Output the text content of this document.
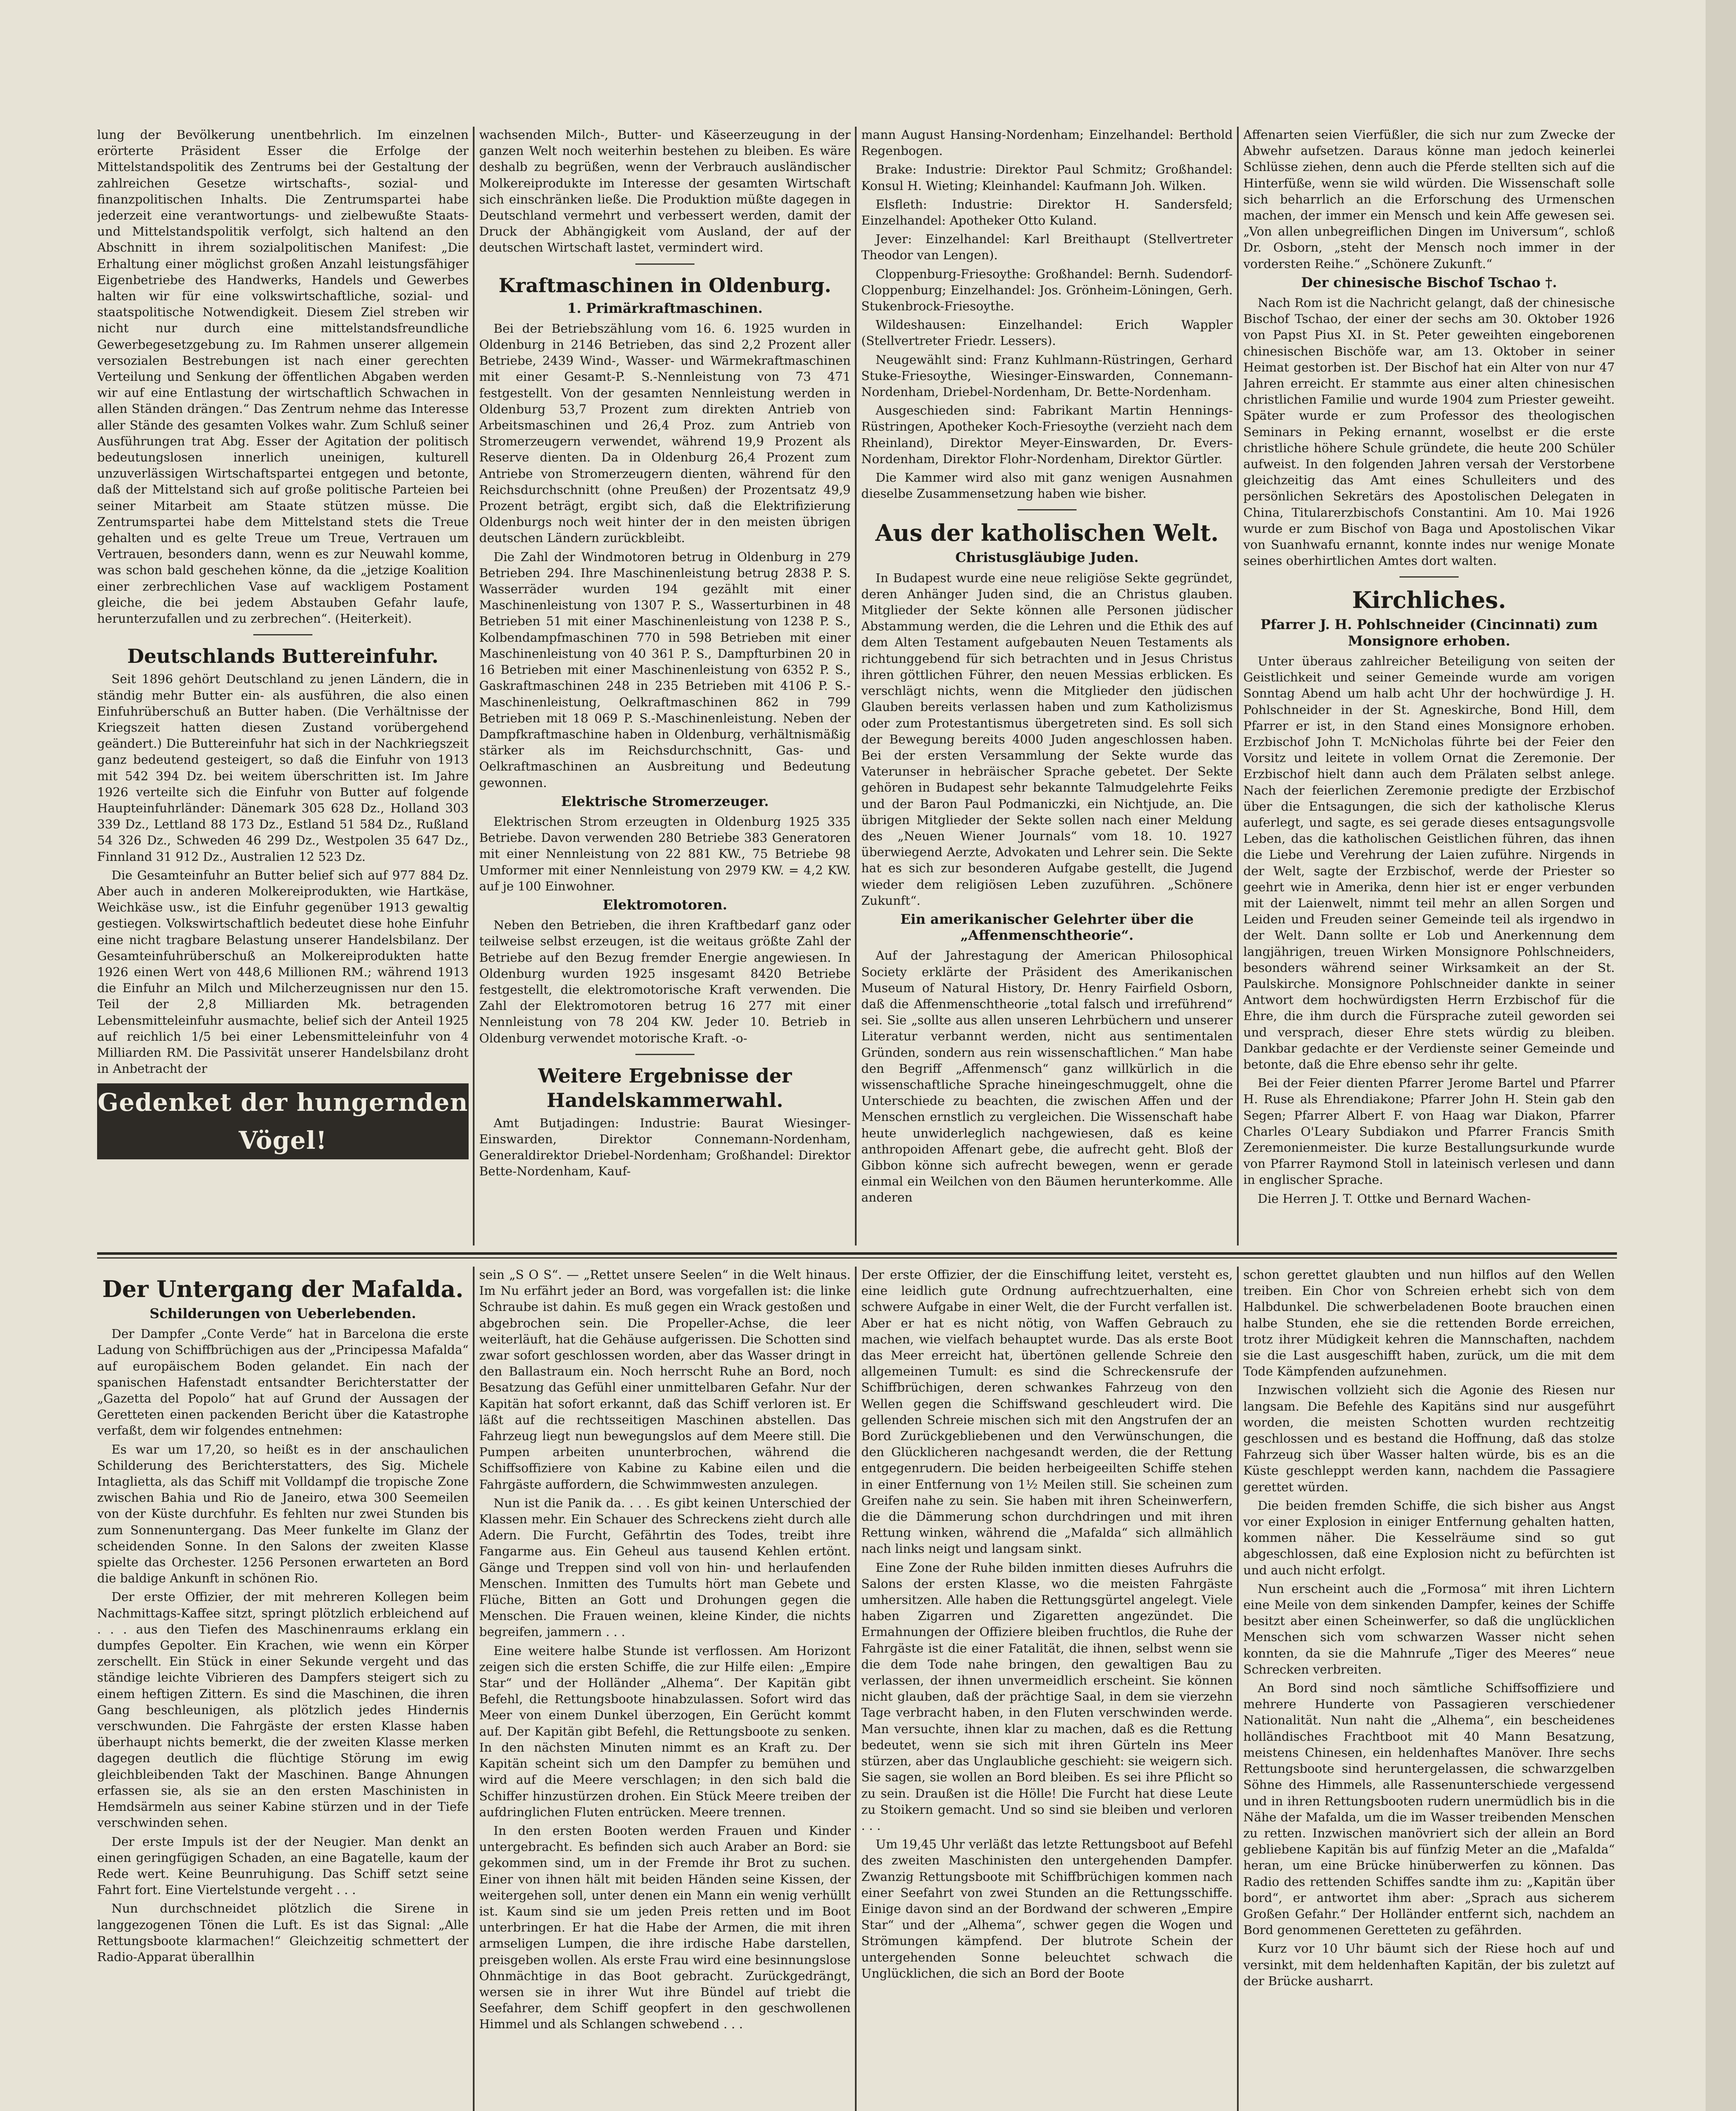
lung der Bevölkerung unentbehrlich. Im einzelnen erörterte Präsident Esser die Erfolge der Mittelstandspolitik des Zentrums bei der Gestaltung der zahlreichen Gesetze wirtschafts-, sozial- und finanzpolitischen Inhalts. Die Zentrumspartei habe jederzeit eine verantwortungs- und zielbewußte Staats- und Mittelstandspolitik verfolgt, sich haltend an den Abschnitt in ihrem sozialpolitischen Manifest: „Die Erhaltung einer möglichst großen Anzahl leistungsfähiger Eigenbetriebe des Handwerks, Handels und Gewerbes halten wir für eine volkswirtschaftliche, sozial- und staatspolitische Notwendigkeit. Diesem Ziel streben wir nicht nur durch eine mittelstandsfreundliche Gewerbegesetzgebung zu. Im Rahmen unserer allgemein versozialen Bestrebungen ist nach einer gerechten Verteilung und Senkung der öffentlichen Abgaben werden wir auf eine Entlastung der wirtschaftlich Schwachen in allen Ständen drängen.“ Das Zentrum nehme das Interesse aller Stände des gesamten Volkes wahr. Zum Schluß seiner Ausführungen trat Abg. Esser der Agitation der politisch bedeutungslosen innerlich uneinigen, kulturell unzuverlässigen Wirtschaftspartei entgegen und betonte, daß der Mittelstand sich auf große politische Parteien bei seiner Mitarbeit am Staate stützen müsse. Die Zentrumspartei habe dem Mittelstand stets die Treue gehalten und es gelte Treue um Treue, Vertrauen um Vertrauen, besonders dann, wenn es zur Neuwahl komme, was schon bald geschehen könne, da die „jetzige Koalition einer zerbrechlichen Vase auf wackligem Postament gleiche, die bei jedem Abstauben Gefahr laufe, herunterzufallen und zu zerbrechen“. (Heiterkeit).

Deutschlands Buttereinfuhr.

Seit 1896 gehört Deutschland zu jenen Ländern, die in ständig mehr Butter ein- als ausführen, die also einen Einfuhrüberschuß an Butter haben. (Die Verhältnisse der Kriegszeit hatten diesen Zustand vorübergehend geändert.) Die Buttereinfuhr hat sich in der Nachkriegszeit ganz bedeutend gesteigert, so daß die Einfuhr von 1913 mit 542 394 Dz. bei weitem überschritten ist. Im Jahre 1926 verteilte sich die Einfuhr von Butter auf folgende Haupteinfuhrländer: Dänemark 305 628 Dz., Holland 303 339 Dz., Lettland 88 173 Dz., Estland 51 584 Dz., Rußland 54 326 Dz., Schweden 46 299 Dz., Westpolen 35 647 Dz., Finnland 31 912 Dz., Australien 12 523 Dz.

Die Gesamteinfuhr an Butter belief sich auf 977 884 Dz. Aber auch in anderen Molkereiprodukten, wie Hartkäse, Weichkäse usw., ist die Einfuhr gegenüber 1913 gewaltig gestiegen. Volkswirtschaftlich bedeutet diese hohe Einfuhr eine nicht tragbare Belastung unserer Handelsbilanz. Der Gesamteinfuhrüberschuß an Molkereiprodukten hatte 1926 einen Wert von 448,6 Millionen RM.; während 1913 die Einfuhr an Milch und Milcherzeugnissen nur den 15. Teil der 2,8 Milliarden Mk. betragenden Lebensmitteleinfuhr ausmachte, belief sich der Anteil 1925 auf reichlich 1/5 bei einer Lebensmitteleinfuhr von 4 Milliarden RM. Die Passivität unserer Handelsbilanz droht in Anbetracht der

Gedenket der hungernden Vögel!

wachsenden Milch-, Butter- und Käseerzeugung in der ganzen Welt noch weiterhin bestehen zu bleiben. Es wäre deshalb zu begrüßen, wenn der Verbrauch ausländischer Molkereiprodukte im Interesse der gesamten Wirtschaft sich einschränken ließe. Die Produktion müßte dagegen in Deutschland vermehrt und verbessert werden, damit der Druck der Abhängigkeit vom Ausland, der auf der deutschen Wirtschaft lastet, vermindert wird.

Kraftmaschinen in Oldenburg.
1. Primärkraftmaschinen.

Bei der Betriebszählung vom 16. 6. 1925 wurden in Oldenburg in 2146 Betrieben, das sind 2,2 Prozent aller Betriebe, 2439 Wind-, Wasser- und Wärmekraftmaschinen mit einer Gesamt-P. S.-Nennleistung von 73 471 festgestellt. Von der gesamten Nennleistung werden in Oldenburg 53,7 Prozent zum direkten Antrieb von Arbeitsmaschinen und 26,4 Proz. zum Antrieb von Stromerzeugern verwendet, während 19,9 Prozent als Reserve dienten. Da in Oldenburg 26,4 Prozent zum Antriebe von Stromerzeugern dienten, während für den Reichsdurchschnitt (ohne Preußen) der Prozentsatz 49,9 Prozent beträgt, ergibt sich, daß die Elektrifizierung Oldenburgs noch weit hinter der in den meisten übrigen deutschen Ländern zurückbleibt.

Die Zahl der Windmotoren betrug in Oldenburg in 279 Betrieben 294. Ihre Maschinenleistung betrug 2838 P. S. Wasserräder wurden 194 gezählt mit einer Maschinenleistung von 1307 P. S., Wasserturbinen in 48 Betrieben 51 mit einer Maschinenleistung von 1238 P. S., Kolbendampfmaschinen 770 in 598 Betrieben mit einer Maschinenleistung von 40 361 P. S., Dampfturbinen 20 in 16 Betrieben mit einer Maschinenleistung von 6352 P. S., Gaskraftmaschinen 248 in 235 Betrieben mit 4106 P. S.-Maschinenleistung, Oelkraftmaschinen 862 in 799 Betrieben mit 18 069 P. S.-Maschinenleistung. Neben der Dampfkraftmaschine haben in Oldenburg, verhältnismäßig stärker als im Reichsdurchschnitt, Gas- und Oelkraftmaschinen an Ausbreitung und Bedeutung gewonnen.

Elektrische Stromerzeuger.

Elektrischen Strom erzeugten in Oldenburg 1925 335 Betriebe. Davon verwenden 280 Betriebe 383 Generatoren mit einer Nennleistung von 22 881 KW., 75 Betriebe 98 Umformer mit einer Nennleistung von 2979 KW. = 4,2 KW. auf je 100 Einwohner.

Elektromotoren.

Neben den Betrieben, die ihren Kraftbedarf ganz oder teilweise selbst erzeugen, ist die weitaus größte Zahl der Betriebe auf den Bezug fremder Energie angewiesen. In Oldenburg wurden 1925 insgesamt 8420 Betriebe festgestellt, die elektromotorische Kraft verwenden. Die Zahl der Elektromotoren betrug 16 277 mit einer Nennleistung von 78 204 KW. Jeder 10. Betrieb in Oldenburg verwendet motorische Kraft. -o-

Weitere Ergebnisse der Handelskammerwahl.

Amt Butjadingen: Industrie: Baurat Wiesinger-Einswarden, Direktor Connemann-Nordenham, Generaldirektor Driebel-Nordenham; Großhandel: Direktor Bette-Nordenham, Kauf-

mann August Hansing-Nordenham; Einzelhandel: Berthold Regenbogen.

Brake: Industrie: Direktor Paul Schmitz; Großhandel: Konsul H. Wieting; Kleinhandel: Kaufmann Joh. Wilken.

Elsfleth: Industrie: Direktor H. Sandersfeld; Einzelhandel: Apotheker Otto Kuland.

Jever: Einzelhandel: Karl Breithaupt (Stellvertreter Theodor van Lengen).

Cloppenburg-Friesoythe: Großhandel: Bernh. Sudendorf-Cloppenburg; Einzelhandel: Jos. Grönheim-Löningen, Gerh. Stukenbrock-Friesoythe.

Wildeshausen: Einzelhandel: Erich Wappler (Stellvertreter Friedr. Lessers).

Neugewählt sind: Franz Kuhlmann-Rüstringen, Gerhard Stuke-Friesoythe, Wiesinger-Einswarden, Connemann-Nordenham, Driebel-Nordenham, Dr. Bette-Nordenham.

Ausgeschieden sind: Fabrikant Martin Hennings-Rüstringen, Apotheker Koch-Friesoythe (verzieht nach dem Rheinland), Direktor Meyer-Einswarden, Dr. Evers-Nordenham, Direktor Flohr-Nordenham, Direktor Gürtler.

Die Kammer wird also mit ganz wenigen Ausnahmen dieselbe Zusammensetzung haben wie bisher.

Aus der katholischen Welt.
Christusgläubige Juden.

In Budapest wurde eine neue religiöse Sekte gegründet, deren Anhänger Juden sind, die an Christus glauben. Mitglieder der Sekte können alle Personen jüdischer Abstammung werden, die die Lehren und die Ethik des auf dem Alten Testament aufgebauten Neuen Testaments als richtunggebend für sich betrachten und in Jesus Christus ihren göttlichen Führer, den neuen Messias erblicken. Es verschlägt nichts, wenn die Mitglieder den jüdischen Glauben bereits verlassen haben und zum Katholizismus oder zum Protestantismus übergetreten sind. Es soll sich der Bewegung bereits 4000 Juden angeschlossen haben. Bei der ersten Versammlung der Sekte wurde das Vaterunser in hebräischer Sprache gebetet. Der Sekte gehören in Budapest sehr bekannte Talmudgelehrte Feiks und der Baron Paul Podmaniczki, ein Nichtjude, an. Die übrigen Mitglieder der Sekte sollen nach einer Meldung des „Neuen Wiener Journals“ vom 18. 10. 1927 überwiegend Aerzte, Advokaten und Lehrer sein. Die Sekte hat es sich zur besonderen Aufgabe gestellt, die Jugend wieder dem religiösen Leben zuzuführen. „Schönere Zukunft“.

Ein amerikanischer Gelehrter über die „Affenmenschtheorie“.

Auf der Jahrestagung der American Philosophical Society erklärte der Präsident des Amerikanischen Museum of Natural History, Dr. Henry Fairfield Osborn, daß die Affenmenschtheorie „total falsch und irreführend“ sei. Sie „sollte aus allen unseren Lehrbüchern und unserer Literatur verbannt werden, nicht aus sentimentalen Gründen, sondern aus rein wissenschaftlichen.“ Man habe den Begriff „Affenmensch“ ganz willkürlich in die wissenschaftliche Sprache hineingeschmuggelt, ohne die Unterschiede zu beachten, die zwischen Affen und der Menschen ernstlich zu vergleichen. Die Wissenschaft habe heute unwiderleglich nachgewiesen, daß es keine anthropoiden Affenart gebe, die aufrecht geht. Bloß der Gibbon könne sich aufrecht bewegen, wenn er gerade einmal ein Weilchen von den Bäumen herunterkomme. Alle anderen

Affenarten seien Vierfüßler, die sich nur zum Zwecke der Abwehr aufsetzen. Daraus könne man jedoch keinerlei Schlüsse ziehen, denn auch die Pferde stellten sich auf die Hinterfüße, wenn sie wild würden. Die Wissenschaft solle sich beharrlich an die Erforschung des Urmenschen machen, der immer ein Mensch und kein Affe gewesen sei. „Von allen unbegreiflichen Dingen im Universum“, schloß Dr. Osborn, „steht der Mensch noch immer in der vordersten Reihe.“ „Schönere Zukunft.“

Der chinesische Bischof Tschao †.

Nach Rom ist die Nachricht gelangt, daß der chinesische Bischof Tschao, der einer der sechs am 30. Oktober 1926 von Papst Pius XI. in St. Peter geweihten eingeborenen chinesischen Bischöfe war, am 13. Oktober in seiner Heimat gestorben ist. Der Bischof hat ein Alter von nur 47 Jahren erreicht. Er stammte aus einer alten chinesischen christlichen Familie und wurde 1904 zum Priester geweiht. Später wurde er zum Professor des theologischen Seminars in Peking ernannt, woselbst er die erste christliche höhere Schule gründete, die heute 200 Schüler aufweist. In den folgenden Jahren versah der Verstorbene gleichzeitig das Amt eines Schulleiters und des persönlichen Sekretärs des Apostolischen Delegaten in China, Titularerzbischofs Constantini. Am 10. Mai 1926 wurde er zum Bischof von Baga und Apostolischen Vikar von Suanhwafu ernannt, konnte indes nur wenige Monate seines oberhirtlichen Amtes dort walten.

Kirchliches.
Pfarrer J. H. Pohlschneider (Cincinnati) zum Monsignore erhoben.

Unter überaus zahlreicher Beteiligung von seiten der Geistlichkeit und seiner Gemeinde wurde am vorigen Sonntag Abend um halb acht Uhr der hochwürdige J. H. Pohlschneider in der St. Agneskirche, Bond Hill, dem Pfarrer er ist, in den Stand eines Monsignore erhoben. Erzbischof John T. McNicholas führte bei der Feier den Vorsitz und leitete in vollem Ornat die Zeremonie. Der Erzbischof hielt dann auch dem Prälaten selbst anlege. Nach der feierlichen Zeremonie predigte der Erzbischof über die Entsagungen, die sich der katholische Klerus auferlegt, und sagte, es sei gerade dieses entsagungsvolle Leben, das die katholischen Geistlichen führen, das ihnen die Liebe und Verehrung der Laien zuführe. Nirgends in der Welt, sagte der Erzbischof, werde der Priester so geehrt wie in Amerika, denn hier ist er enger verbunden mit der Laienwelt, nimmt teil mehr an allen Sorgen und Leiden und Freuden seiner Gemeinde teil als irgendwo in der Welt. Dann sollte er Lob und Anerkennung dem langjährigen, treuen Wirken Monsignore Pohlschneiders, besonders während seiner Wirksamkeit an der St. Paulskirche. Monsignore Pohlschneider dankte in seiner Antwort dem hochwürdigsten Herrn Erzbischof für die Ehre, die ihm durch die Fürsprache zuteil geworden sei und versprach, dieser Ehre stets würdig zu bleiben. Dankbar gedachte er der Verdienste seiner Gemeinde und betonte, daß die Ehre ebenso sehr ihr gelte.

Bei der Feier dienten Pfarrer Jerome Bartel und Pfarrer H. Ruse als Ehrendiakone; Pfarrer John H. Stein gab den Segen; Pfarrer Albert F. von Haag war Diakon, Pfarrer Charles O'Leary Subdiakon und Pfarrer Francis Smith Zeremonienmeister. Die kurze Bestallungsurkunde wurde von Pfarrer Raymond Stoll in lateinisch verlesen und dann in englischer Sprache.

Die Herren J. T. Ottke und Bernard Wachen-

Der Untergang der Mafalda.
Schilderungen von Ueberlebenden.

Der Dampfer „Conte Verde“ hat in Barcelona die erste Ladung von Schiffbrüchigen aus der „Principessa Mafalda“ auf europäischem Boden gelandet. Ein nach der spanischen Hafenstadt entsandter Berichterstatter der „Gazetta del Popolo“ hat auf Grund der Aussagen der Geretteten einen packenden Bericht über die Katastrophe verfaßt, dem wir folgendes entnehmen:

Es war um 17,20, so heißt es in der anschaulichen Schilderung des Berichterstatters, des Sig. Michele Intaglietta, als das Schiff mit Volldampf die tropische Zone zwischen Bahia und Rio de Janeiro, etwa 300 Seemeilen von der Küste durchfuhr. Es fehlten nur zwei Stunden bis zum Sonnenuntergang. Das Meer funkelte im Glanz der scheidenden Sonne. In den Salons der zweiten Klasse spielte das Orchester. 1256 Personen erwarteten an Bord die baldige Ankunft in schönen Rio.

Der erste Offizier, der mit mehreren Kollegen beim Nachmittags-Kaffee sitzt, springt plötzlich erbleichend auf . . . aus den Tiefen des Maschinenraums erklang ein dumpfes Gepolter. Ein Krachen, wie wenn ein Körper zerschellt. Ein Stück in einer Sekunde vergeht und das ständige leichte Vibrieren des Dampfers steigert sich zu einem heftigen Zittern. Es sind die Maschinen, die ihren Gang beschleunigen, als plötzlich jedes Hindernis verschwunden. Die Fahrgäste der ersten Klasse haben überhaupt nichts bemerkt, die der zweiten Klasse merken dagegen deutlich die flüchtige Störung im ewig gleichbleibenden Takt der Maschinen. Bange Ahnungen erfassen sie, als sie an den ersten Maschinisten in Hemdsärmeln aus seiner Kabine stürzen und in der Tiefe verschwinden sehen.

Der erste Impuls ist der der Neugier. Man denkt an einen geringfügigen Schaden, an eine Bagatelle, kaum der Rede wert. Keine Beunruhigung. Das Schiff setzt seine Fahrt fort. Eine Viertelstunde vergeht . . .

Nun durchschneidet plötzlich die Sirene in langgezogenen Tönen die Luft. Es ist das Signal: „Alle Rettungsboote klarmachen!“ Gleichzeitig schmettert der Radio-Apparat überallhin

sein „S O S“. — „Rettet unsere Seelen“ in die Welt hinaus. Im Nu erfährt jeder an Bord, was vorgefallen ist: die linke Schraube ist dahin. Es muß gegen ein Wrack gestoßen und abgebrochen sein. Die Propeller-Achse, die leer weiterläuft, hat die Gehäuse aufgerissen. Die Schotten sind zwar sofort geschlossen worden, aber das Wasser dringt in den Ballastraum ein. Noch herrscht Ruhe an Bord, noch Besatzung das Gefühl einer unmittelbaren Gefahr. Nur der Kapitän hat sofort erkannt, daß das Schiff verloren ist. Er läßt auf die rechtsseitigen Maschinen abstellen. Das Fahrzeug liegt nun bewegungslos auf dem Meere still. Die Pumpen arbeiten ununterbrochen, während die Schiffsoffiziere von Kabine zu Kabine eilen und die Fahrgäste auffordern, die Schwimmwesten anzulegen.

Nun ist die Panik da. . . . Es gibt keinen Unterschied der Klassen mehr. Ein Schauer des Schreckens zieht durch alle Adern. Die Furcht, Gefährtin des Todes, treibt ihre Fangarme aus. Ein Geheul aus tausend Kehlen ertönt. Gänge und Treppen sind voll von hin- und herlaufenden Menschen. Inmitten des Tumults hört man Gebete und Flüche, Bitten an Gott und Drohungen gegen die Menschen. Die Frauen weinen, kleine Kinder, die nichts begreifen, jammern . . .

Eine weitere halbe Stunde ist verflossen. Am Horizont zeigen sich die ersten Schiffe, die zur Hilfe eilen: „Empire Star“ und der Holländer „Alhema“. Der Kapitän gibt Befehl, die Rettungsboote hinabzulassen. Sofort wird das Meer von einem Dunkel überzogen, Ein Gerücht kommt auf. Der Kapitän gibt Befehl, die Rettungsboote zu senken. In den nächsten Minuten nimmt es an Kraft zu. Der Kapitän scheint sich um den Dampfer zu bemühen und wird auf die Meere verschlagen; in den sich bald die Schiffer hinzustürzen drohen. Ein Stück Meere treiben der aufdringlichen Fluten entrücken. Meere trennen.

In den ersten Booten werden Frauen und Kinder untergebracht. Es befinden sich auch Araber an Bord: sie gekommen sind, um in der Fremde ihr Brot zu suchen. Einer von ihnen hält mit beiden Händen seine Kissen, der weitergehen soll, unter denen ein Mann ein wenig verhüllt ist. Kaum sind sie um jeden Preis retten und im Boot unterbringen. Er hat die Habe der Armen, die mit ihren armseligen Lumpen, die ihre irdische Habe darstellen, preisgeben wollen. Als erste Frau wird eine besinnungslose Ohnmächtige in das Boot gebracht. Zurückgedrängt, wersen sie in ihrer Wut ihre Bündel auf triebt die Seefahrer, dem Schiff geopfert in den geschwollenen Himmel und als Schlangen schwebend . . .

Der erste Offizier, der die Einschiffung leitet, versteht es, eine leidlich gute Ordnung aufrechtzuerhalten, eine schwere Aufgabe in einer Welt, die der Furcht verfallen ist. Aber er hat es nicht nötig, von Waffen Gebrauch zu machen, wie vielfach behauptet wurde. Das als erste Boot das Meer erreicht hat, übertönen gellende Schreie den allgemeinen Tumult: es sind die Schreckensrufe der Schiffbrüchigen, deren schwankes Fahrzeug von den Wellen gegen die Schiffswand geschleudert wird. Die gellenden Schreie mischen sich mit den Angstrufen der an Bord Zurückgebliebenen und den Verwünschungen, die den Glücklicheren nachgesandt werden, die der Rettung entgegenrudern. Die beiden herbeigeeilten Schiffe stehen in einer Entfernung von 1½ Meilen still. Sie scheinen zum Greifen nahe zu sein. Sie haben mit ihren Scheinwerfern, die die Dämmerung schon durchdringen und mit ihren Rettung winken, während die „Mafalda“ sich allmählich nach links neigt und langsam sinkt.

Eine Zone der Ruhe bilden inmitten dieses Aufruhrs die Salons der ersten Klasse, wo die meisten Fahrgäste umhersitzen. Alle haben die Rettungsgürtel angelegt. Viele haben Zigarren und Zigaretten angezündet. Die Ermahnungen der Offiziere bleiben fruchtlos, die Ruhe der Fahrgäste ist die einer Fatalität, die ihnen, selbst wenn sie die dem Tode nahe bringen, den gewaltigen Bau zu verlassen, der ihnen unvermeidlich erscheint. Sie können nicht glauben, daß der prächtige Saal, in dem sie vierzehn Tage verbracht haben, in den Fluten verschwinden werde. Man versuchte, ihnen klar zu machen, daß es die Rettung bedeutet, wenn sie sich mit ihren Gürteln ins Meer stürzen, aber das Unglaubliche geschieht: sie weigern sich. Sie sagen, sie wollen an Bord bleiben. Es sei ihre Pflicht so zu sein. Draußen ist die Hölle! Die Furcht hat diese Leute zu Stoikern gemacht. Und so sind sie bleiben und verloren . . .

Um 19,45 Uhr verläßt das letzte Rettungsboot auf Befehl des zweiten Maschinisten den untergehenden Dampfer. Zwanzig Rettungsboote mit Schiffbrüchigen kommen nach einer Seefahrt von zwei Stunden an die Rettungsschiffe. Einige davon sind an der Bordwand der schweren „Empire Star“ und der „Alhema“, schwer gegen die Wogen und Strömungen kämpfend. Der blutrote Schein der untergehenden Sonne beleuchtet schwach die Unglücklichen, die sich an Bord der Boote

schon gerettet glaubten und nun hilflos auf den Wellen treiben. Ein Chor von Schreien erhebt sich von dem Halbdunkel. Die schwerbeladenen Boote brauchen einen halbe Stunden, ehe sie die rettenden Borde erreichen, trotz ihrer Müdigkeit kehren die Mannschaften, nachdem sie die Last ausgeschifft haben, zurück, um die mit dem Tode Kämpfenden aufzunehmen.

Inzwischen vollzieht sich die Agonie des Riesen nur langsam. Die Befehle des Kapitäns sind nur ausgeführt worden, die meisten Schotten wurden rechtzeitig geschlossen und es bestand die Hoffnung, daß das stolze Fahrzeug sich über Wasser halten würde, bis es an die Küste geschleppt werden kann, nachdem die Passagiere gerettet würden.

Die beiden fremden Schiffe, die sich bisher aus Angst vor einer Explosion in einiger Entfernung gehalten hatten, kommen näher. Die Kesselräume sind so gut abgeschlossen, daß eine Explosion nicht zu befürchten ist und auch nicht erfolgt.

Nun erscheint auch die „Formosa“ mit ihren Lichtern eine Meile von dem sinkenden Dampfer, keines der Schiffe besitzt aber einen Scheinwerfer, so daß die unglücklichen Menschen sich vom schwarzen Wasser nicht sehen konnten, da sie die Mahnrufe „Tiger des Meeres“ neue Schrecken verbreiten.

An Bord sind noch sämtliche Schiffsoffiziere und mehrere Hunderte von Passagieren verschiedener Nationalität. Nun naht die „Alhema“, ein bescheidenes holländisches Frachtboot mit 40 Mann Besatzung, meistens Chinesen, ein heldenhaftes Manöver. Ihre sechs Rettungsboote sind heruntergelassen, die schwarzgelben Söhne des Himmels, alle Rassenunterschiede vergessend und in ihren Rettungsbooten rudern unermüdlich bis in die Nähe der Mafalda, um die im Wasser treibenden Menschen zu retten. Inzwischen manövriert sich der allein an Bord gebliebene Kapitän bis auf fünfzig Meter an die „Mafalda“ heran, um eine Brücke hinüberwerfen zu können. Das Radio des rettenden Schiffes sandte ihm zu: „Kapitän über bord“, er antwortet ihm aber: „Sprach aus sicherem Großen Gefahr.“ Der Holländer entfernt sich, nachdem an Bord genommenen Geretteten zu gefährden.

Kurz vor 10 Uhr bäumt sich der Riese hoch auf und versinkt, mit dem heldenhaften Kapitän, der bis zuletzt auf der Brücke ausharrt.
